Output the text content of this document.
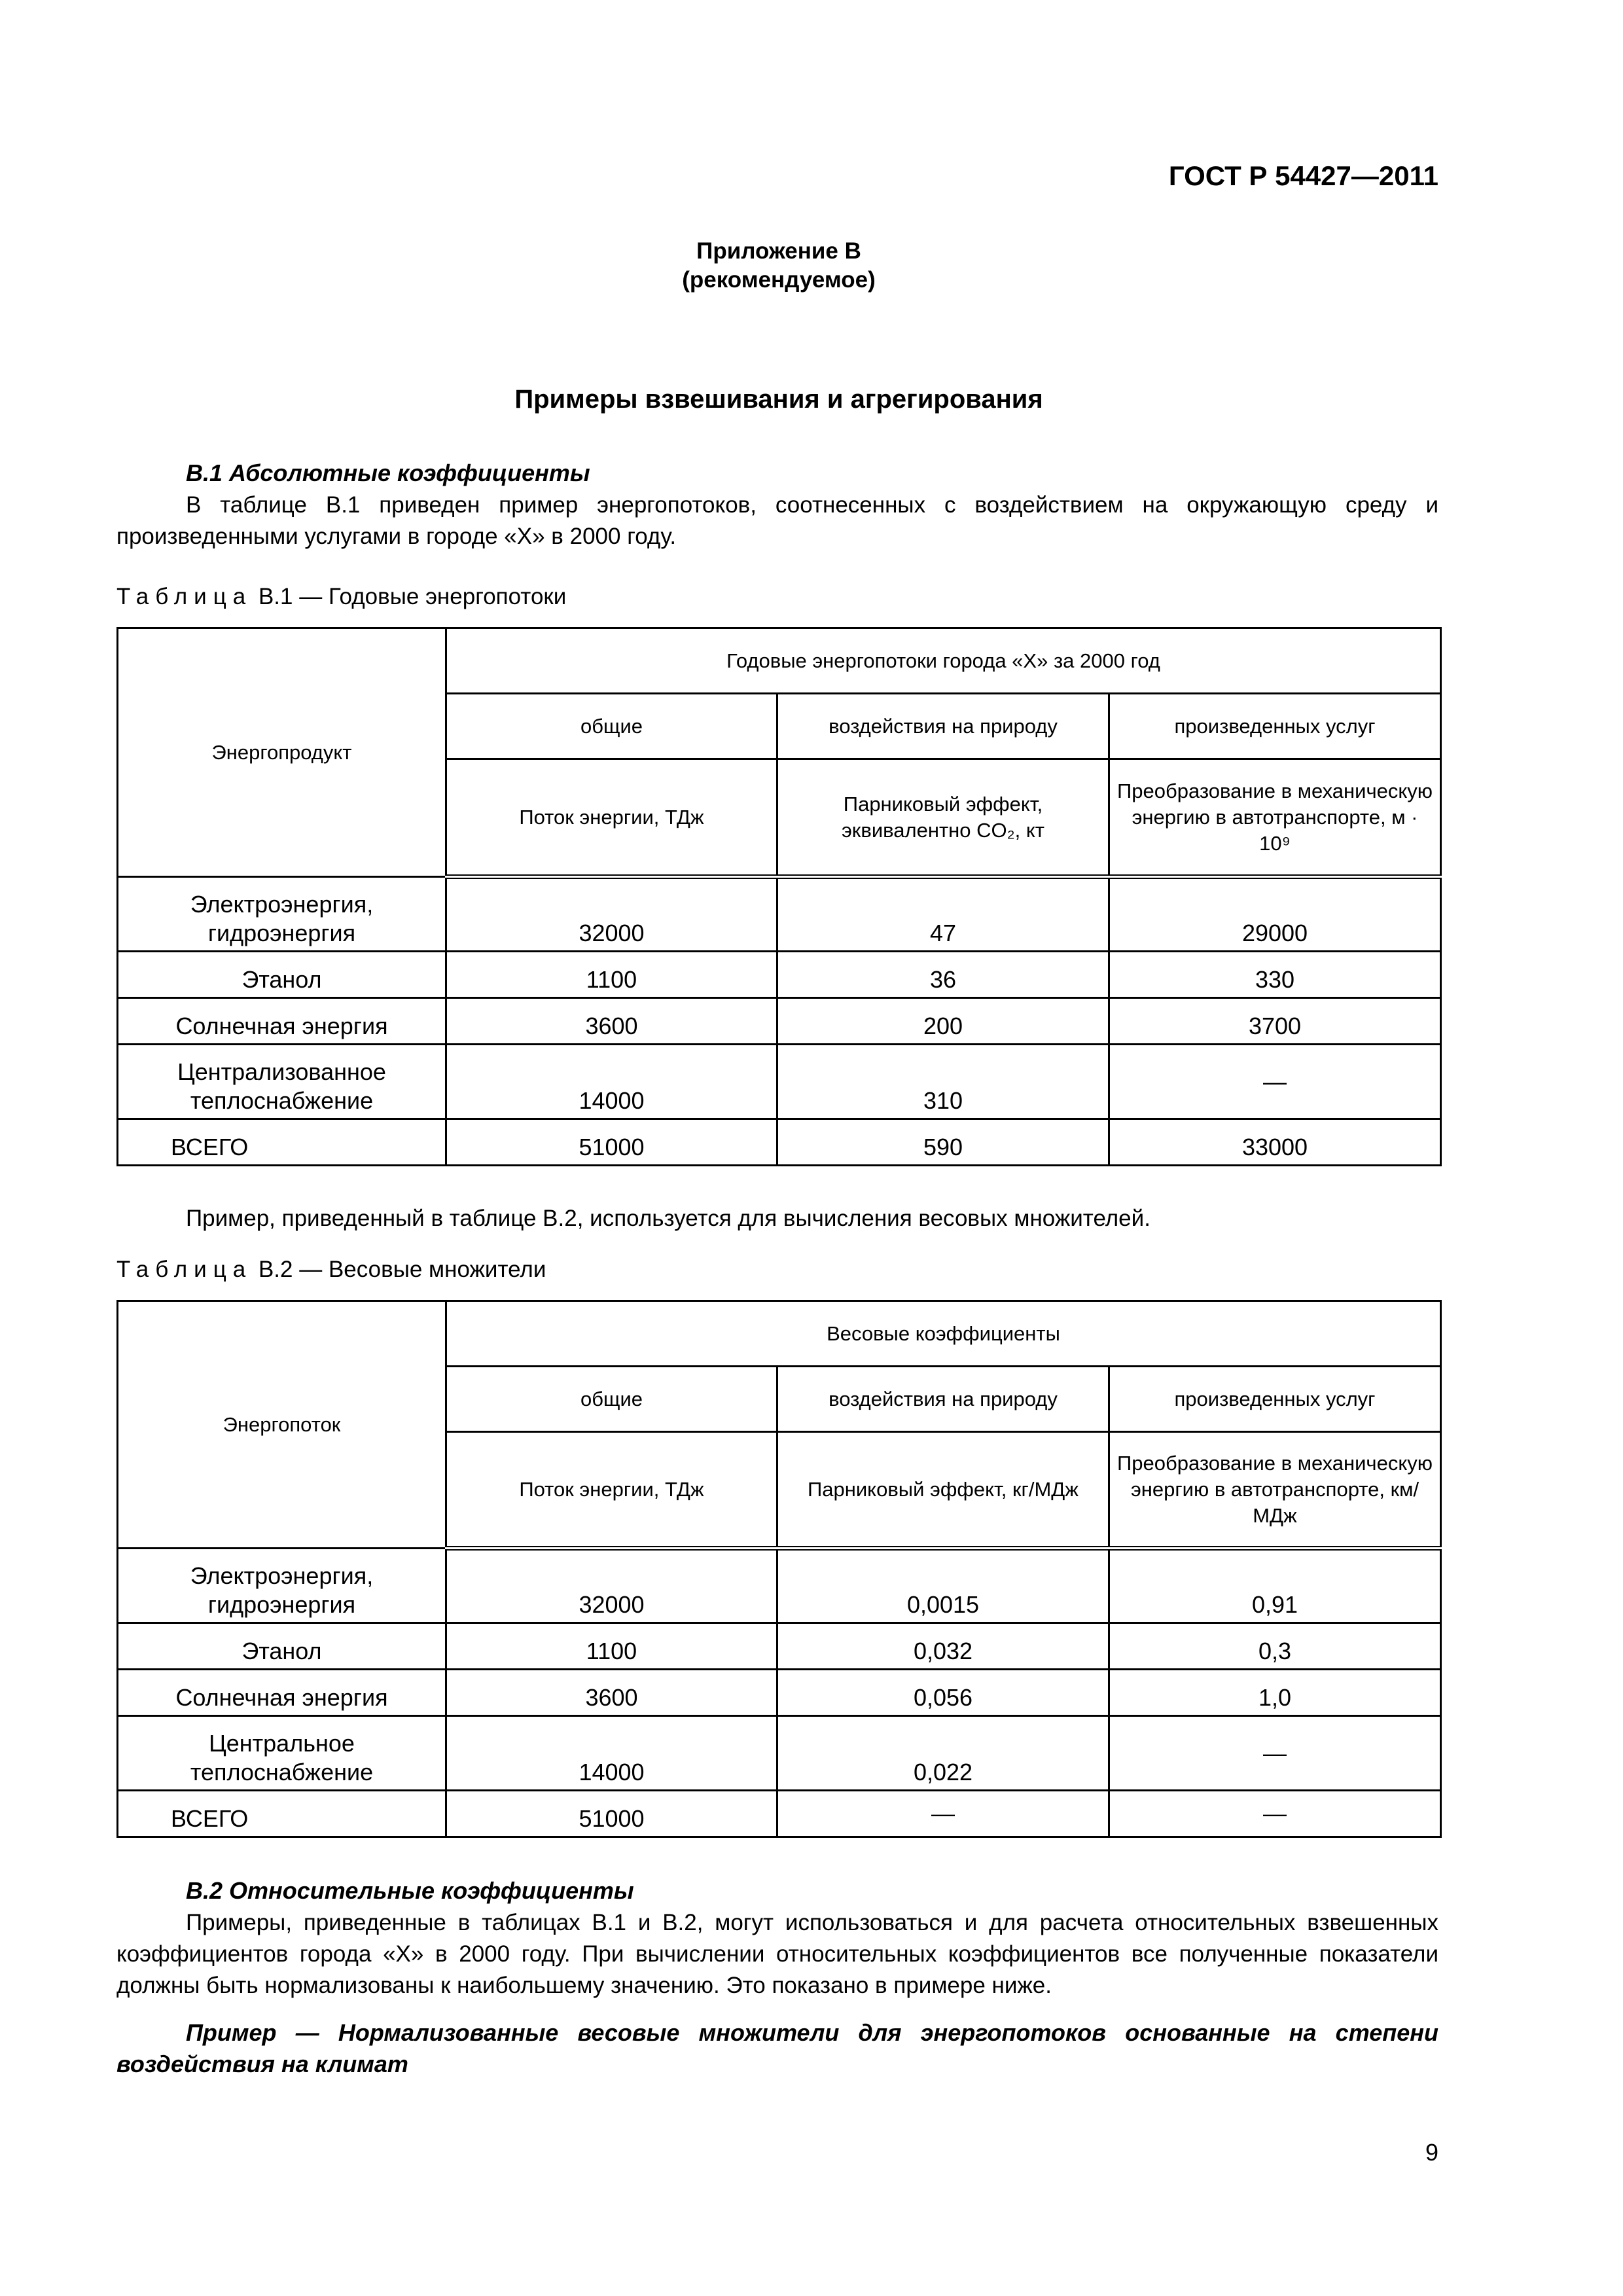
ГОСТ Р 54427—2011
Приложение В
(рекомендуемое)
Примеры взвешивания и агрегирования
В.1 Абсолютные коэффициенты
В таблице В.1 приведен пример энергопотоков, соотнесенных с воздействием на окружающую среду и произведенными услугами в городе «X» в 2000 году.
Таблица В.1 — Годовые энергопотоки
Энергопродукт	Годовые энергопотоки города «X» за 2000 год		
	общие	воздействия на природу	произведенных услуг
	Поток энергии, ТДж	Парниковый эффект, эквивалентно CO₂, кт	Преобразование в механическую энергию в автотранспорте, м · 10⁹
Электроэнергия, гидроэнергия	32000	47	29000
Этанол	1100	36	330
Солнечная энергия	3600	200	3700
Централизованное теплоснабжение	14000	310	—
ВСЕГО	51000	590	33000
Пример, приведенный в таблице В.2, используется для вычисления весовых множителей.
Таблица В.2 — Весовые множители
Энергопоток	Весовые коэффициенты		
	общие	воздействия на природу	произведенных услуг
	Поток энергии, ТДж	Парниковый эффект, кг/МДж	Преобразование в механическую энергию в автотранспорте, км/МДж
Электроэнергия, гидроэнергия	32000	0,0015	0,91
Этанол	1100	0,032	0,3
Солнечная энергия	3600	0,056	1,0
Центральное теплоснабжение	14000	0,022	—
ВСЕГО	51000	—	—
В.2 Относительные коэффициенты
Примеры, приведенные в таблицах В.1 и В.2, могут использоваться и для расчета относительных взвешенных коэффициентов города «X» в 2000 году. При вычислении относительных коэффициентов все полученные показатели должны быть нормализованы к наибольшему значению. Это показано в примере ниже.
Пример — Нормализованные весовые множители для энергопотоков основанные на степени воздействия на климат
9
